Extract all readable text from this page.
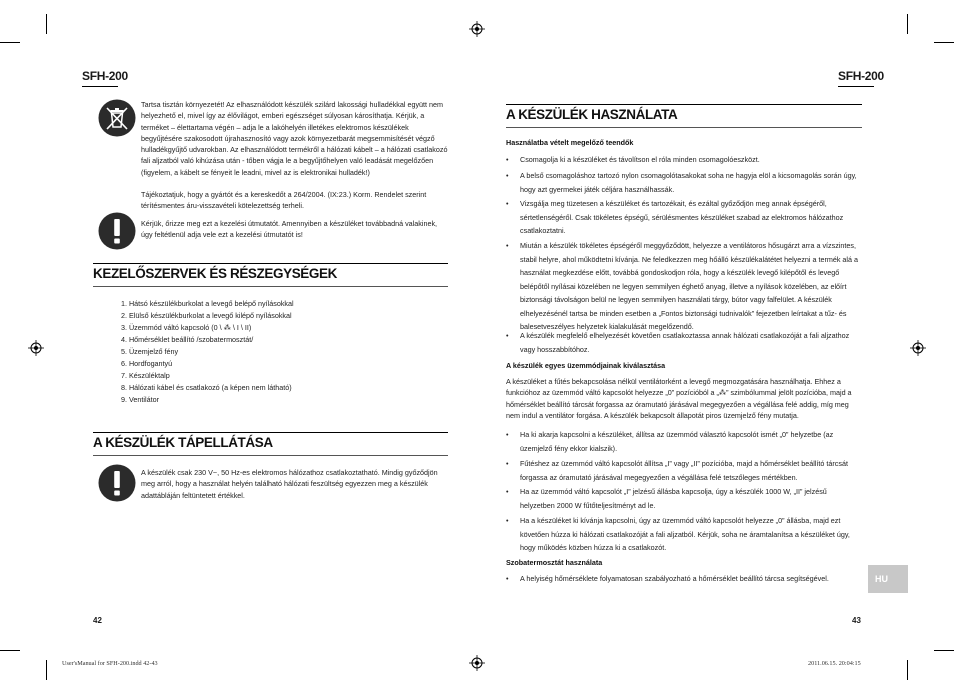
SFH-200
Tartsa tisztán környezetét! Az elhasználódott készülék szilárd lakossági hulladékkal együtt nem helyezhető el, mivel így az élővilágot, emberi egészséget súlyosan károsíthatja. Kérjük, a terméket – élettartama végén – adja le a lakóhelyén illetékes elektromos készülékek begyűjtésére szakosodott újrahasznosító vagy azok környezetbarát megsemmisítését végző hulladékgyűjtő udvarokban. Az elhasználódott termékről a hálózati kábelt – a hálózati csatlakozó fali aljzatból való kihúzása után - tőben vágja le a begyűjtőhelyen való leadását megelőzően (figyelem, a kábelt se fényeit le leadni, mivel az is elektronikai hulladék!)
Tájékoztatjuk, hogy a gyártót és a kereskedőt a 264/2004. (IX:23.) Korm. Rendelet szerint térítésmentes áru-visszavételi kötelezettség terheli.
Kérjük, őrizze meg ezt a kezelési útmutatót. Amennyiben a készüléket továbbadná valakinek, úgy feltétlenül adja vele ezt a kezelési útmutatót is!
KEZELŐSZERVEK ÉS RÉSZEGYSÉGEK
1. Hátsó készülékburkolat a levegő belépő nyílásokkal
2. Elülső készülékburkolat a levegő kilépő nyílásokkal
3. Üzemmód váltó kapcsoló (0 \ ⁂ \ I \ II)
4. Hőmérséklet beállító /szobatermosztát/
5. Üzemjelző fény
6. Hordfogantyú
7. Készüléktalp
8. Hálózati kábel és csatlakozó (a képen nem látható)
9. Ventilátor
A KÉSZÜLÉK TÁPELLÁTÁSA
A készülék csak 230 V~, 50 Hz-es elektromos hálózathoz csatlakoztatható. Mindig győződjön meg arról, hogy a használat helyén található hálózati feszültség egyezzen meg a készülék adattábláján feltüntetett értékkel.
42
SFH-200
A KÉSZÜLÉK HASZNÁLATA
Használatba vételt megelőző teendők
• Csomagolja ki a készüléket és távolítson el róla minden csomagolóeszközt.
• A belső csomagoláshoz tartozó nylon csomagolótasakokat soha ne hagyja elöl a kicsomagolás során úgy, hogy azt gyermekei játék céljára használhassák.
• Vizsgálja meg tüzetesen a készüléket és tartozékait, és ezáltal győződjön meg annak épségéről, sértetlenségéről. Csak tökéletes épségű, sérülésmentes készüléket szabad az elektromos hálózathoz csatlakoztatni.
• Miután a készülék tökéletes épségéről meggyőződött, helyezze a ventilátoros hősugárzt arra a vízszintes, stabil helyre, ahol működtetni kívánja. Ne feledkezzen meg hőálló készülékalátétet helyezni a termék alá a használat megkezdése előtt, továbbá gondoskodjon róla, hogy a készülék levegő kilépőtől és levegő belépőtől nyílásai közelében ne legyen semmilyen éghető anyag, illetve a nyílások közelében, az előírt biztonsági távolságon belül ne legyen semmilyen használati tárgy, bútor vagy falfelület. A készülék elhelyezésénél tartsa be minden esetben a „Fontos biztonsági tudnivalók” fejezetben leírtakat a tűz- és balesetveszélyes helyzetek kialakulását megelőzendő.
• A készülék megfelelő elhelyezését követően csatlakoztassa annak hálózati csatlakozóját a fali aljzathoz vagy hosszabbítóhoz.
A készülék egyes üzemmódjainak kiválasztása
A készüléket a fűtés bekapcsolása nélkül ventilátorként a levegő megmozgatására használhatja. Ehhez a funkcióhoz az üzemmód váltó kapcsolót helyezze „0” pozícióból a „⁂” szimbólummal jelölt pozícióba, majd a hőmérséklet beállító tárcsát forgassa az óramutató járásával megegyezően a végállása felé addig, míg meg nem indul a ventilátor forgása. A készülék bekapcsolt állapotát piros üzemjelző fény mutatja.
• Ha ki akarja kapcsolni a készüléket, állítsa az üzemmód választó kapcsolót ismét „0” helyzetbe (az üzemjelző fény ekkor kialszik).
• Fűtéshez az üzemmód váltó kapcsolót állítsa „I” vagy „II” pozícióba, majd a hőmérséklet beállító tárcsát forgassa az óramutató járásával megegyezően a végállása felé tetszőleges mértékben.
• Ha az üzemmód váltó kapcsolót „I” jelzésű állásba kapcsolja, úgy a készülék 1000 W, „II” jelzésű helyzetben 2000 W fűtőteljesítményt ad le.
• Ha a készüléket ki kívánja kapcsolni, úgy az üzemmód váltó kapcsolót helyezze „0” állásba, majd ezt követően húzza ki hálózati csatlakozóját a fali aljzatból. Kérjük, soha ne áramtalanítsa a készüléket úgy, hogy működés közben húzza ki a csatlakozót.
Szobatermosztát használata
• A helyiség hőmérséklete folyamatosan szabályozható a hőmérséklet beállító tárcsa segítségével.	HU
43
User'sManual for SFH-200.indd 42-43	2011.06.15. 20:04:15
